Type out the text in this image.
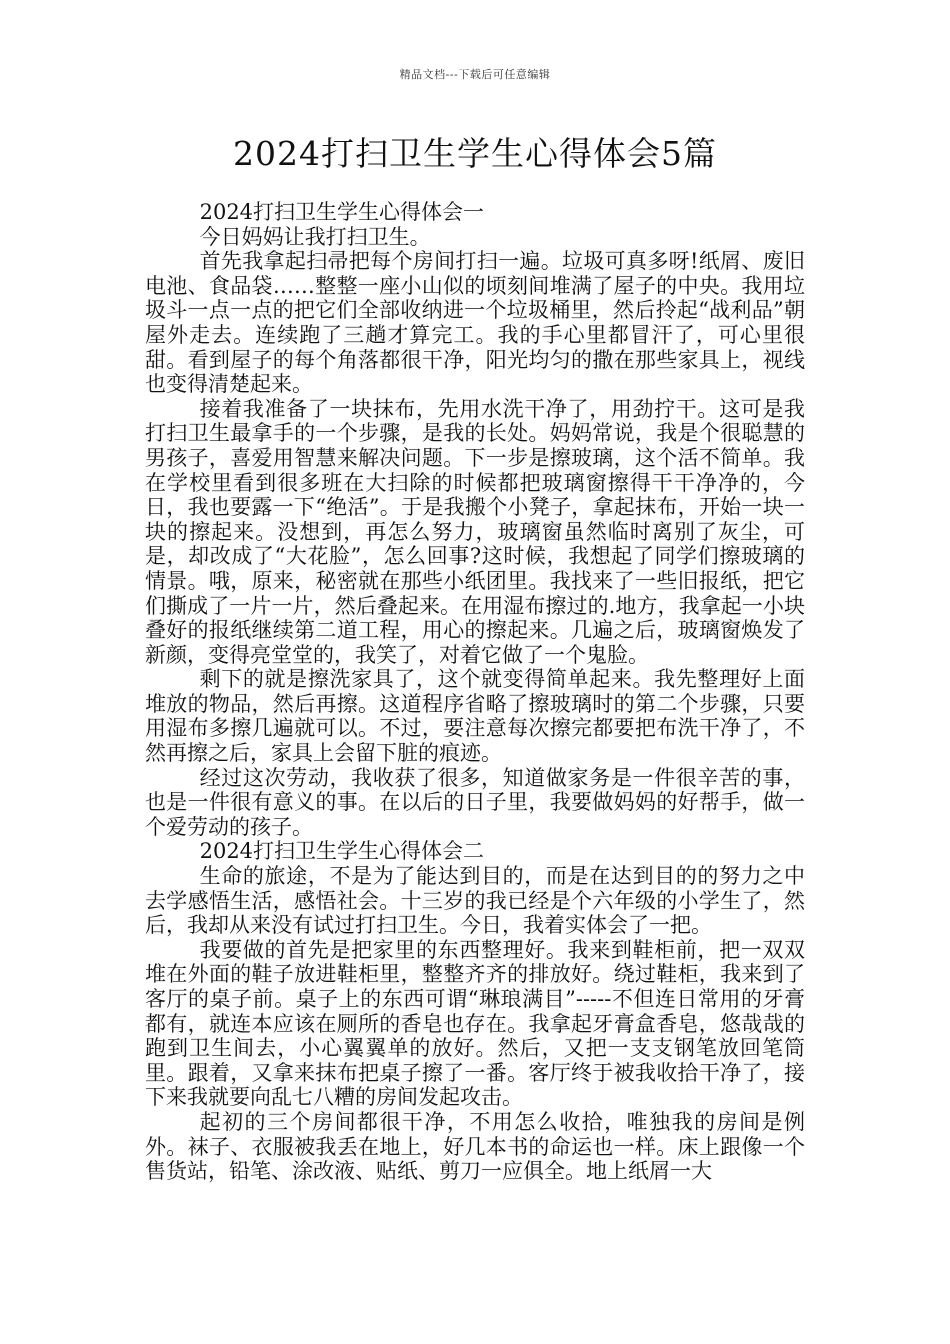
精品文档---下载后可任意编辑
2024打扫卫生学生心得体会5篇

2024打扫卫生学生心得体会一

今日妈妈让我打扫卫生。

首先我拿起扫帚把每个房间打扫一遍。垃圾可真多呀!纸屑、废旧电池、食品袋……整整一座小山似的顷刻间堆满了屋子的中央。我用垃圾斗一点一点的把它们全部收纳进一个垃圾桶里，然后拎起“战利品”朝屋外走去。连续跑了三趟才算完工。我的手心里都冒汗了，可心里很甜。看到屋子的每个角落都很干净，阳光均匀的撒在那些家具上，视线也变得清楚起来。

接着我准备了一块抹布，先用水洗干净了，用劲拧干。这可是我打扫卫生最拿手的一个步骤，是我的长处。妈妈常说，我是个很聪慧的男孩子，喜爱用智慧来解决问题。下一步是擦玻璃，这个活不简单。我在学校里看到很多班在大扫除的时候都把玻璃窗擦得干干净净的，今日，我也要露一下“绝活”。于是我搬个小凳子，拿起抹布，开始一块一块的擦起来。没想到，再怎么努力，玻璃窗虽然临时离别了灰尘，可是，却改成了“大花脸”，怎么回事?这时候，我想起了同学们擦玻璃的情景。哦，原来，秘密就在那些小纸团里。我找来了一些旧报纸，把它们撕成了一片一片，然后叠起来。在用湿布擦过的.地方，我拿起一小块叠好的报纸继续第二道工程，用心的擦起来。几遍之后，玻璃窗焕发了新颜，变得亮堂堂的，我笑了，对着它做了一个鬼脸。

剩下的就是擦洗家具了，这个就变得简单起来。我先整理好上面堆放的物品，然后再擦。这道程序省略了擦玻璃时的第二个步骤，只要用湿布多擦几遍就可以。不过，要注意每次擦完都要把布洗干净了，不然再擦之后，家具上会留下脏的痕迹。

经过这次劳动，我收获了很多，知道做家务是一件很辛苦的事，也是一件很有意义的事。在以后的日子里，我要做妈妈的好帮手，做一个爱劳动的孩子。

2024打扫卫生学生心得体会二

生命的旅途，不是为了能达到目的，而是在达到目的的努力之中去学感悟生活，感悟社会。十三岁的我已经是个六年级的小学生了，然后，我却从来没有试过打扫卫生。今日，我着实体会了一把。

我要做的首先是把家里的东西整理好。我来到鞋柜前，把一双双堆在外面的鞋子放进鞋柜里，整整齐齐的排放好。绕过鞋柜，我来到了客厅的桌子前。桌子上的东西可谓“琳琅满目”-----不但连日常用的牙膏都有，就连本应该在厕所的香皂也存在。我拿起牙膏盒香皂，悠哉哉的跑到卫生间去，小心翼翼单的放好。然后，又把一支支钢笔放回笔筒里。跟着，又拿来抹布把桌子擦了一番。客厅终于被我收拾干净了，接下来我就要向乱七八糟的房间发起攻击。

起初的三个房间都很干净，不用怎么收拾，唯独我的房间是例外。袜子、衣服被我丢在地上，好几本书的命运也一样。床上跟像一个售货站，铅笔、涂改液、贴纸、剪刀一应俱全。地上纸屑一大
